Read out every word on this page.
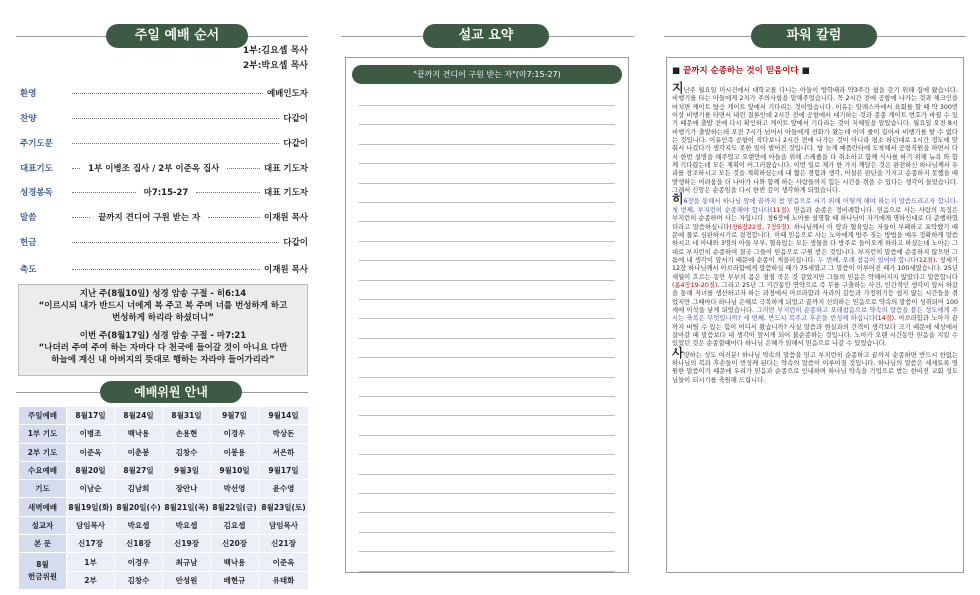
주일 예배 순서
1부:김요셉 목사
2부:박요셉 목사
환영	예배인도자
찬양	다같이
주기도문	다같이
대표기도	1부 이병조 집사 / 2부 이준옥 집사	대표 기도자
성경봉독	마7:15-27	대표 기도자
말씀	끝까지 견디어 구원 받는 자	이재원 목사
헌금	다같이
축도	이재원 목사
지난 주(8월10일) 성경 암송 구절 - 히6:14
“이르시되 내가 반드시 너에게 복 주고 복 주며 너를 번성하게 하고
번성하게 하리라 하셨더니”
이번 주(8월17일) 성경 암송 구절 - 마7:21
“나더러 주여 주여 하는 자마다 다 천국에 들어갈 것이 아니요 다만
하늘에 계신 내 아버지의 뜻대로 행하는 자라야 들어가리라”
예배위원 안내
주일예배	8월17일	8월24일	8월31일	9월7일	9월14일
1부 기도	이병조	백낙용	손용현	이경우	박상돈
2부 기도	이준옥	이춘봉	김창수	이봉용	서은하
수요예배	8월20일	8월27일	9월3일	9월10일	9월17일
기도	이남순	김남희	장안나	박선영	윤수영
새벽예배	8월19일(화)	8월20일(수)	8월21일(목)	8월22일(금)	8월23일(토)
설교자	담임목사	박요셉	박요셉	김요셉	담임목사
본 문	신17장	신18장	신19장	신20장	신21장

8월
헌금위원	1부	이경우	최규남	백낙용	이준옥
	2부	김창수	안성원	배현규	유태화
설교 요약
"끝까지 견디어 구원 받는 자"(마7:15-27)
파워 칼럼
■ 끝까지 순종하는 것이 믿음이다 ■

지난주 월요일 미시건에서 대학교를 다니는 아들이 방학때라 약3주간 쉼을 갖기 위해 집에 왔습니다. 비행기를 타는 아들에게 2지가 주의사항을 말해주었습니다. 꼭 2시간 전에 공항에 나가는 것과 체크인을 마치면 게이트 탑승 게이트 앞에서 기다리는 것이었습니다. 이유는 알래스카에서 육회를 할 때 약 300번 이상 비행기를 타면서 내린 결론인데 2시간 전에 공항에서 대기하는 것과 종종 게이트 번호가 바뀔 수 있기 때문에 출발 전에 다시 확인하고 게이트 앞에서 기다리는 것이 지혜임을 알았습니다. 월요일 오전 8시 비행기가 출발하는데 오전 7시가 넘어서 아들에게 전화가 왔는데 이미 줄이 길어서 비행기를 탈 수 없다는 것입니다. 이유인즉 공항이 작다보니 2시간 전에 나가는 것이 아니라 평소 하던대로 1시간 정도에 맞춰서 나갔다가 생각지도 못한 일이 벌어진 것입니다. 탑 늦게 예플란타에 도착해서 공항직원을 하면서 다시 한번 설명을 해주었고 오랜만에 아들을 위해 스케줄을 다 취소하고 함께 식사를 하기 위해 뉴욕 와 함께 기다렸는데 모든 계획이 어그러졌습니다. 이번 일로 제가 한 가지 깨달은 것은 완전하신 하나님께서 우리를 창조하시고 모든 것을 계획하셨는데 내 짧은 경험과 생각, 어설픈 판단을 가지고 순종하지 못했을 때 발생하는 어려움을 더 나아가 나와 함께 하는 사람들까지 힘든 시간을 겪을 수 있다는 생각이 들었습니다. 그래서 신앙은 순종임을 다시 한번 깊이 생각하게 되었습니다.

히6장을 통해서 하나님 앞에 끝까지 참 믿음으로 서기 위해 어떻게 해야 하는지 말씀드리고자 합니다. 첫 번째, 부지런히 순종해야 합니다(11절). 믿음과 순종은 정비례합니다. 믿음으로 사는 사람의 특징은 부지런히 순종하며 사는 자입니다. 창6장에 노아를 설명할 때 하나님이 자기에게 명하신대로 다 준행하였더라고 말씀하십니다(창6장22절, 7장5절). 하나님께서 이 땅과 혈육있는 자들이 부패하고 포악했기 때문에 물로 심판하시기로 결정합니다. 이때 믿음으로 사는 노아에게 방주 짓는 방법을 매우 정확하게 말씀하시고 네 아내와 3명의 아들 부부, 혈육있는 모든 생물을 다 방주로 들어오게 하라고 하셨는데 노아는 그대로 부지런히 순종하여 결국 그들이 믿음으로 구원 받은 것입니다. 부지런히 말씀에 순종하지 않으면 그 틈에 내 생각이 앞서기 때문에 순종이 게을러집니다. 두 번째, 오래 참음이 있어야 합니다(12절). 창세기 12장 하나님께서 아브라함에게 말씀하실 때가 75세였고 그 말씀이 이루어진 때가 100세였습니다. 25년 세월이 흐르는 동안 부부의 몸은 점점 죽은 것 같았지만 그들의 믿음은 약해어지지 않았다고 말씀합니다(롬4장19-20절). 그리고 25년 그 기간동안 연약으로 즉 무를 구출하는 사건, 인간적인 생각이 앞서 하갈을 통해 자녀를 생산하고자 하는 과정에서 아브라함과 사라의 갈등과 가정위기등 쉽지 않는 시간들을 겪었지만 그때마다 하나님 은혜로 극복하게 되었고 끝까지 신뢰하는 믿음으로 약속의 말씀이 성취되어 100세에 이삭을 낳게 되었습니다. 그러면 부지런히 순종하고 오래참음으로 약속의 말씀을 붙든 성도에게 주시는 축복은 무엇입니까? 세 번째, 반드시 복주고 후손을 번성케 하십니다(14절). 아브라함과 노아가 끝까지 버틸 수 있는 힘이 어디서 왔습니까? 사실 말씀과 현실과의 간격이 생각보다 크기 때문에 세상에서 살아갈 때 말씀보다 내 생각이 앞서게 되어 불순종하는 것입니다. 노아가 오랜 시간동안 믿음을 지킬 수 있었던 것은 순종할때마다 하나님 은혜가 임해서 믿음으로 나갈 수 있었습니다.

사랑하는 성도 여러분! 하나님 약속의 말씀을 믿고 부지런히 순종하고 끝까지 순종하면 반드시 한없는 하나님의 복과 후손들이 번성케 된다는 약속의 말씀이 이루어질 것입니다. 하나님의 말씀은 세세토록 영원한 말씀이기 때문에 우리가 믿음과 순종으로 인내하며 하나님 약속을 기업으로 받는 한비전 교회 성도님들이 되시기를 축원해 드립니다.
